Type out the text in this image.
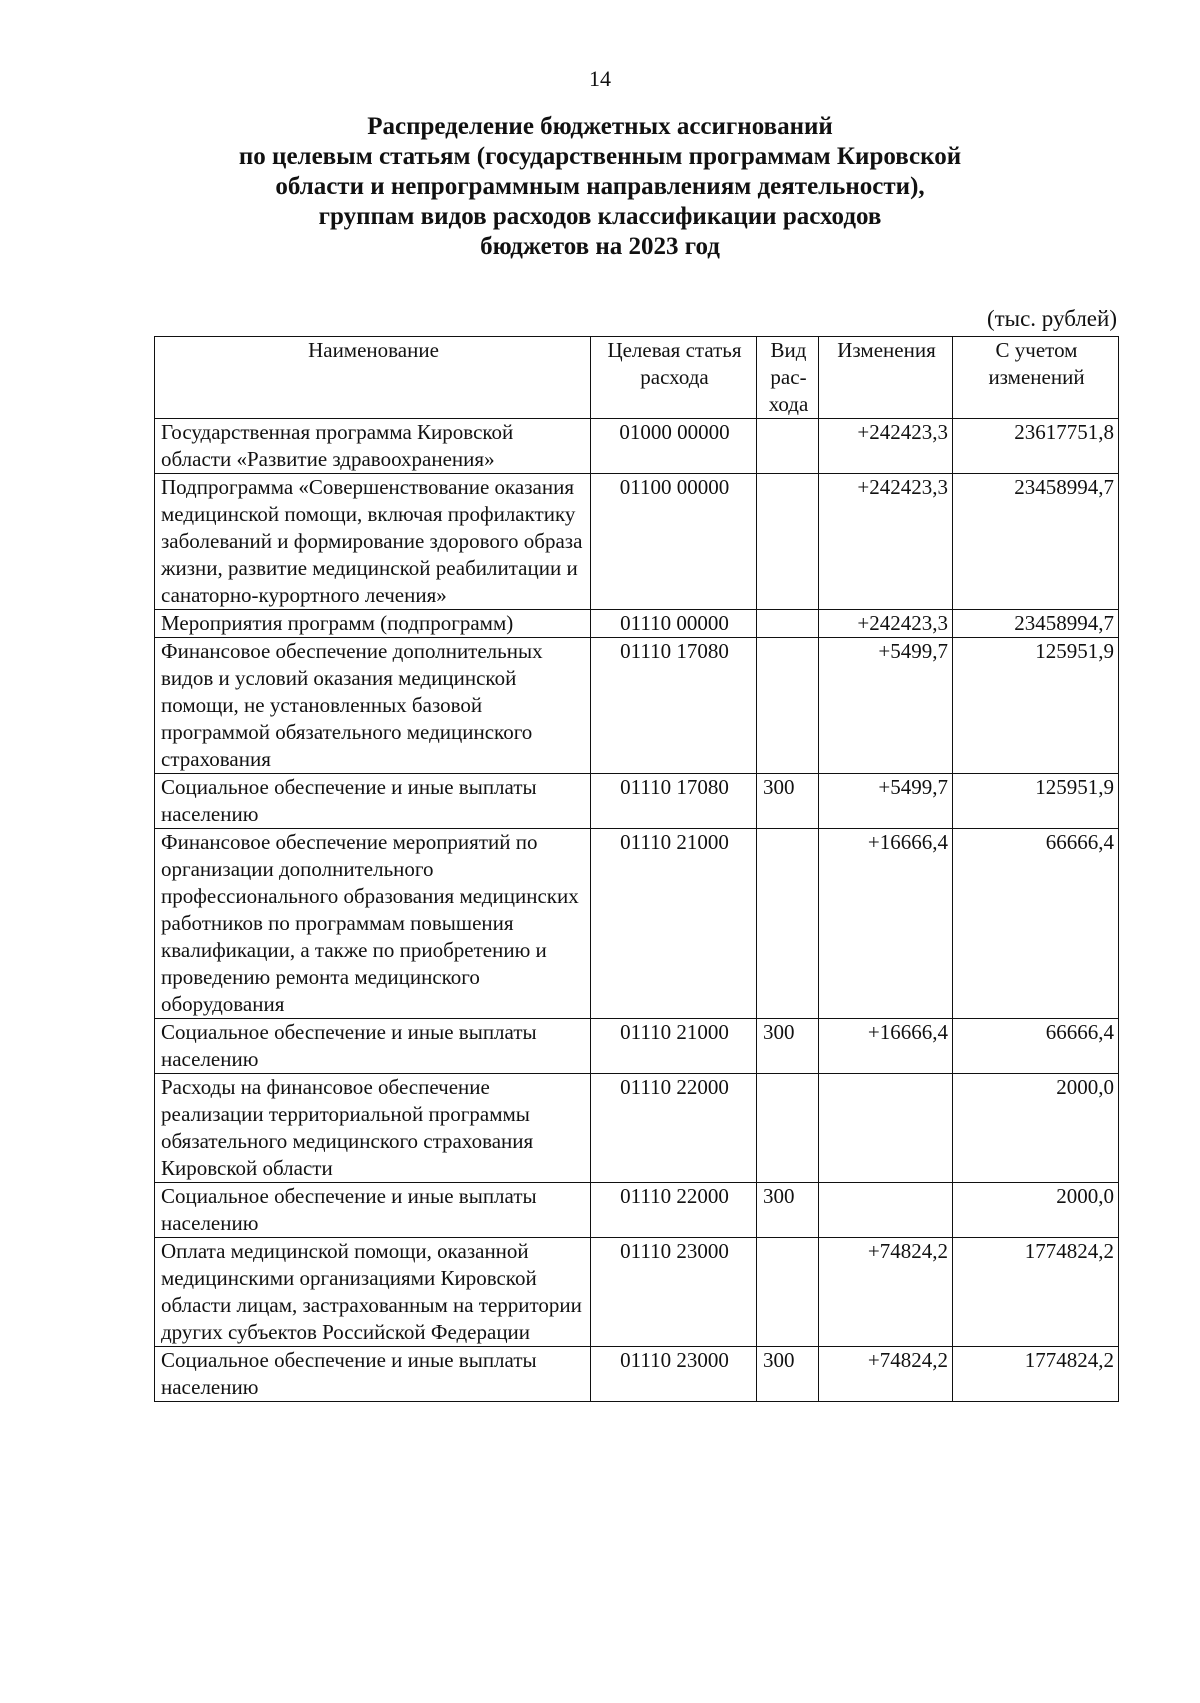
14
Распределение бюджетных ассигнований
по целевым статьям (государственным программам Кировской
области и непрограммным направлениям деятельности),
группам видов расходов классификации расходов
бюджетов на 2023 год
(тыс. рублей)
Наименование	Целевая статья расхода	Вид рас-хода	Изменения	С учетом изменений
Государственная программа Кировской области «Развитие здравоохранения»	01000 00000		+242423,3	23617751,8
Подпрограмма «Совершенствование оказания медицинской помощи, включая профилактику заболеваний и формирование здорового образа жизни, развитие медицинской реабилитации и санаторно-курортного лечения»	01100 00000		+242423,3	23458994,7
Мероприятия программ (подпрограмм)	01110 00000		+242423,3	23458994,7
Финансовое обеспечение дополнительных видов и условий оказания медицинской помощи, не установленных базовой программой обязательного медицинского страхования	01110 17080		+5499,7	125951,9
Социальное обеспечение и иные выплаты населению	01110 17080	300	+5499,7	125951,9
Финансовое обеспечение мероприятий по организации дополнительного профессионального образования медицинских работников по программам повышения квалификации, а также по приобретению и проведению ремонта медицинского оборудования	01110 21000		+16666,4	66666,4
Социальное обеспечение и иные выплаты населению	01110 21000	300	+16666,4	66666,4
Расходы на финансовое обеспечение реализации территориальной программы обязательного медицинского страхования Кировской области	01110 22000			2000,0
Социальное обеспечение и иные выплаты населению	01110 22000	300		2000,0
Оплата медицинской помощи, оказанной медицинскими организациями Кировской области лицам, застрахованным на территории других субъектов Российской Федерации	01110 23000		+74824,2	1774824,2
Социальное обеспечение и иные выплаты населению	01110 23000	300	+74824,2	1774824,2
